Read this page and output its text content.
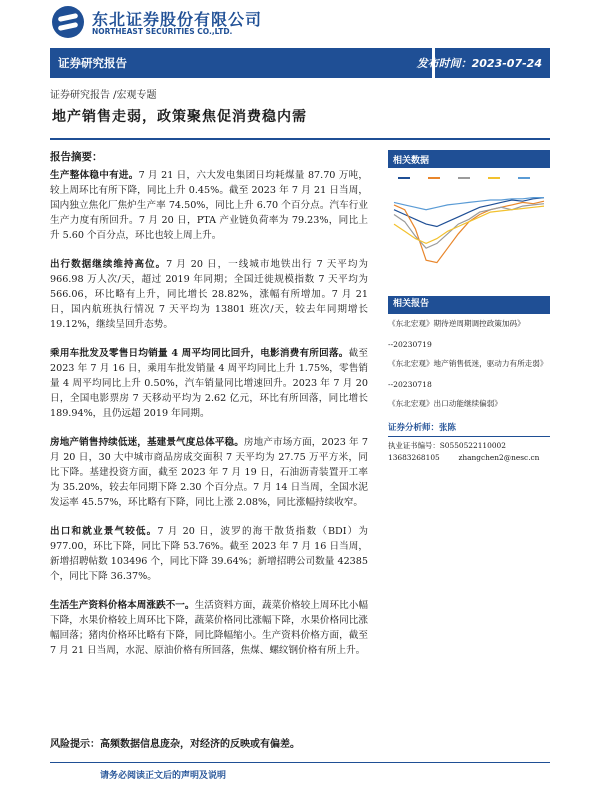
东北证券股份有限公司
NORTHEAST SECURITIES CO.,LTD.
证券研究报告	发布时间：2023-07-24
证券研究报告 /宏观专题
地产销售走弱，政策聚焦促消费稳内需
报告摘要：

生产整体稳中有进。7 月 21 日，六大发电集团日均耗煤量 87.70 万吨，较上周环比有所下降，同比上升 0.45%。截至 2023 年 7 月 21 日当周，国内独立焦化厂焦炉生产率 74.50%，同比上升 6.70 个百分点。汽车行业生产力度有所回升。7 月 20 日，PTA 产业链负荷率为 79.23%，同比上升 5.60 个百分点，环比也较上周上升。

出行数据继续维持高位。7 月 20 日，一线城市地铁出行 7 天平均为 966.98 万人次/天，超过 2019 年同期；全国迁徙规模指数 7 天平均为 566.06，环比略有上升，同比增长 28.82%，涨幅有所增加。7 月 21 日，国内航班执行情况 7 天平均为 13801 班次/天，较去年同期增长 19.12%，继续呈回升态势。

乘用车批发及零售日均销量 4 周平均同比回升，电影消费有所回落。截至 2023 年 7 月 16 日，乘用车批发销量 4 周平均同比上升 1.75%，零售销量 4 周平均同比上升 0.50%，汽车销量同比增速回升。2023 年 7 月 20 日，全国电影票房 7 天移动平均为 2.62 亿元，环比有所回落，同比增长 189.94%，且仍远超 2019 年同期。

房地产销售持续低迷，基建景气度总体平稳。房地产市场方面，2023 年 7 月 20 日，30 大中城市商品房成交面积 7 天平均为 27.75 万平方米，同比下降。基建投资方面，截至 2023 年 7 月 19 日，石油沥青装置开工率为 35.20%，较去年同期下降 2.30 个百分点。7 月 14 日当周，全国水泥发运率 45.57%，环比略有下降，同比上涨 2.08%，同比涨幅持续收窄。

出口和就业景气较低。7 月 20 日，波罗的海干散货指数（BDI）为 977.00，环比下降，同比下降 53.76%。截至 2023 年 7 月 16 日当周，新增招聘帖数 103496 个，同比下降 39.64%；新增招聘公司数量 42385 个，同比下降 36.37%。

生活生产资料价格本周涨跌不一。生活资料方面，蔬菜价格较上周环比小幅下降，水果价格较上周环比下降，蔬菜价格同比涨幅下降，水果价格同比涨幅回落；猪肉价格环比略有下降，同比降幅缩小。生产资料价格方面，截至 7 月 21 日当周，水泥、原油价格有所回落，焦煤、螺纹钢价格有所上升。

相关数据
相关报告
《东北宏观》期待逆周期调控政策加码》
--20230719
《东北宏观》地产销售低迷，驱动力有所走弱》
--20230718
《东北宏观》出口动能继续偏弱》
证券分析师：张陈
执业证书编号：S0550522110002
13683268105	zhangchen2@nesc.cn
风险提示：高频数据信息庞杂，对经济的反映或有偏差。
请务必阅读正文后的声明及说明
